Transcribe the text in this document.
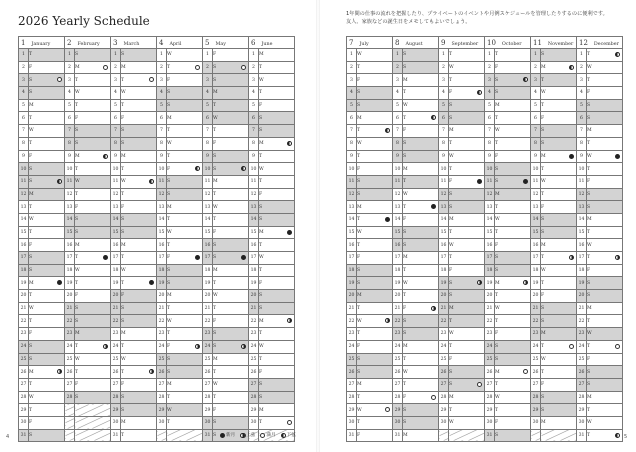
2026 Yearly Schedule
1 January		2 February		3 March		4 April		5 May		6 June	
1	T	1	S	1	S	1	W	1	F	1	M
2	F	2	M	2	M	2	T	2	S	2	T
3	S	3	T	3	T	3	F	3	S	3	W
4	S	4	W	4	W	4	S	4	M	4	T
5	M	5	T	5	T	5	S	5	T	5	F
6	T	6	F	6	F	6	M	6	W	6	S
7	W	7	S	7	S	7	T	7	T	7	S
8	T	8	S	8	S	8	W	8	F	8	M

9	F	9	M	9	M	9	T	9	S	9	T
10	S	10	T	10	T	10	F	10	S	10	W
11	S	11	W	11	W	11	S	11	M	11	T
12	M	12	T	12	T	12	S	12	T	12	F
13	T	13	F	13	F	13	M	13	W	13	S
14	W	14	S	14	S	14	T	14	T	14	S
15	T	15	S	15	S	15	W	15	F	15	M

16	F	16	M	16	M	16	T	16	S	16	T
17	S	17	T	17	T	17	F	17	S	17	W
18	S	18	W	18	W	18	S	18	M	18	T
19	M	19	T	19	T	19	S	19	T	19	F
20	T	20	F	20	F	20	M	20	W	20	S
21	W	21	S	21	S	21	T	21	T	21	S
22	T	22	S	22	S	22	W	22	F	22	M

23	F	23	M	23	M	23	T	23	S	23	T
24	S	24	T	24	T	24	F	24	S	24	W
25	S	25	W	25	W	25	S	25	M	25	T
26	M	26	T	26	T	26	S	26	T	26	F
27	T	27	F	27	F	27	M	27	W	27	S
28	W	28	S	28	S	28	T	28	T	28	S
29	T			29	S	29	W	29	F	29	M
30	F			30	M	30	T	30	S	30	T

31	S			31	T			31	S
		新月 上弦 満月 下弦
4
1年間の仕事の流れを把握したり、プライベートのイベントや月例スケジュールを管理したりするのに便利です。
友人、家族などの誕生日をメモしてもよいでしょう。
7 July		8 August		9 September		10 October		11 November		12 December	
1	W	1	S	1	T	1	T	1	S	1	T

2	T	2	S	2	W	2	F	2	M	2	W
3	F	3	M	3	T	3	S	3	T	3	T
4	S	4	T	4	F	4	S	4	W	4	F
5	S	5	W	5	S	5	M	5	T	5	S
6	M	6	T	6	S	6	T	6	F	6	S
7	T	7	F	7	M	7	W	7	S	7	M
8	W	8	S	8	T	8	T	8	S	8	T
9	T	9	S	9	W	9	F	9	M	9	W

10	F	10	M	10	T	10	S	10	T	10	T
11	S	11	T	11	F	11	S	11	W	11	F
12	S	12	W	12	S	12	M	12	T	12	S
13	M	13	T	13	S	13	T	13	F	13	S
14	T	14	F	14	M	14	W	14	S	14	M
15	W	15	S	15	T	15	T	15	S	15	T
16	T	16	S	16	W	16	F	16	M	16	W
17	F	17	M	17	T	17	S	17	T	17	T

18	S	18	T	18	F	18	S	18	W	18	F
19	S	19	W	19	S	19	M	19	T	19	S
20	M	20	T	20	S	20	T	20	F	20	S
21	T	21	F	21	M	21	W	21	S	21	M
22	W	22	S	22	T	22	T	22	S	22	T
23	T	23	S	23	W	23	F	23	M	23	W
24	F	24	M	24	T	24	S	24	T	24	T

25	S	25	T	25	F	25	S	25	W	25	F
26	S	26	W	26	S	26	M	26	T	26	S
27	M	27	T	27	S	27	T	27	F	27	S
28	T	28	F	28	M	28	W	28	S	28	M
29	W	29	S	29	T	29	T	29	S	29	T
30	T	30	S	30	W	30	F	30	M	30	W
31	F	31	M			31	S			31	T	5
